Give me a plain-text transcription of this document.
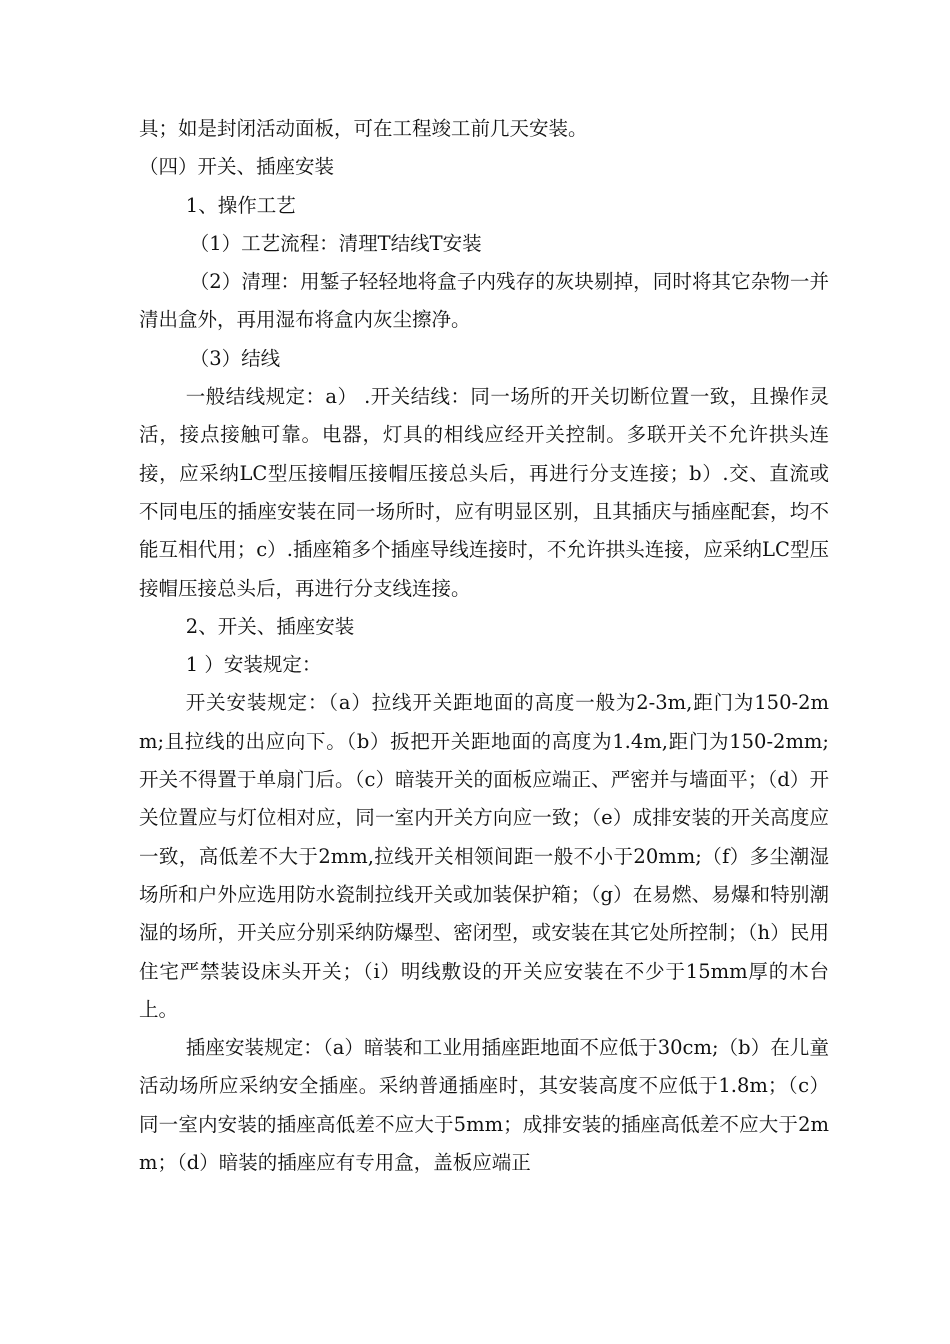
具；如是封闭活动面板，可在工程竣工前几天安装。

（四）开关、插座安装

1、操作工艺

（1）工艺流程：清理T结线T安装

（2）清理：用錾子轻轻地将盒子内残存的灰块剔掉，同时将其它杂物一并清出盒外，再用湿布将盒内灰尘擦净。

（3）结线

一般结线规定：a） .开关结线：同一场所的开关切断位置一致，且操作灵活，接点接触可靠。电器，灯具的相线应经开关控制。多联开关不允许拱头连接，应采纳LC型压接帽压接帽压接总头后，再进行分支连接；b）.交、直流或不同电压的插座安装在同一场所时，应有明显区别，且其插庆与插座配套，均不能互相代用；c）.插座箱多个插座导线连接时，不允许拱头连接，应采纳LC型压接帽压接总头后，再进行分支线连接。

2、开关、插座安装

1 ）安装规定：

开关安装规定：（a）拉线开关距地面的高度一般为2-3m,距门为150-2mm;且拉线的出应向下。（b）扳把开关距地面的高度为1.4m,距门为150-2mm;开关不得置于单扇门后。（c）暗装开关的面板应端正、严密并与墙面平；（d）开关位置应与灯位相对应，同一室内开关方向应一致；（e）成排安装的开关高度应一致，高低差不大于2mm,拉线开关相领间距一般不小于20mm;（f）多尘潮湿场所和户外应选用防水瓷制拉线开关或加装保护箱；（g）在易燃、易爆和特别潮湿的场所，开关应分别采纳防爆型、密闭型，或安装在其它处所控制；（h）民用住宅严禁装设床头开关；（i）明线敷设的开关应安装在不少于15mm厚的木台上。

插座安装规定：（a）暗装和工业用插座距地面不应低于30cm;（b）在儿童活动场所应采纳安全插座。采纳普通插座时，其安装高度不应低于1.8m；（c）同一室内安装的插座高低差不应大于5mm；成排安装的插座高低差不应大于2mm；（d）暗装的插座应有专用盒，盖板应端正
